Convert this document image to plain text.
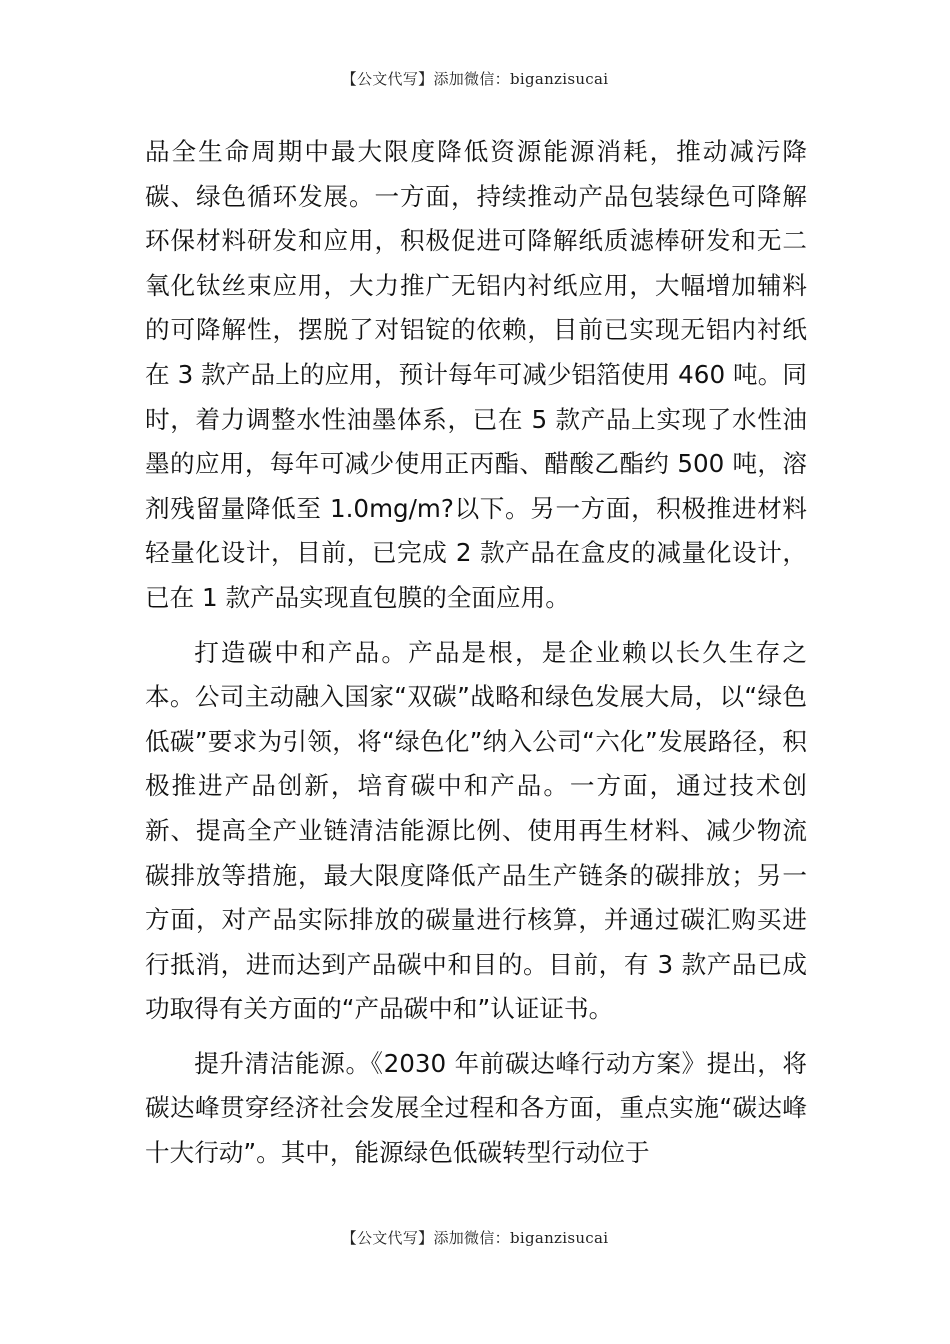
【公文代写】添加微信：biganzisucai

品全生命周期中最大限度降低资源能源消耗，推动减污降碳、绿色循环发展。一方面，持续推动产品包装绿色可降解环保材料研发和应用，积极促进可降解纸质滤棒研发和无二氧化钛丝束应用，大力推广无铝内衬纸应用，大幅增加辅料的可降解性，摆脱了对铝锭的依赖，目前已实现无铝内衬纸在 3 款产品上的应用，预计每年可减少铝箔使用 460 吨。同时，着力调整水性油墨体系，已在 5 款产品上实现了水性油墨的应用，每年可减少使用正丙酯、醋酸乙酯约 500 吨，溶剂残留量降低至 1.0mg/m?以下。另一方面，积极推进材料轻量化设计，目前，已完成 2 款产品在盒皮的减量化设计，已在 1 款产品实现直包膜的全面应用。

打造碳中和产品。产品是根，是企业赖以长久生存之本。公司主动融入国家“双碳”战略和绿色发展大局，以“绿色低碳”要求为引领，将“绿色化”纳入公司“六化”发展路径，积极推进产品创新，培育碳中和产品。一方面，通过技术创新、提高全产业链清洁能源比例、使用再生材料、减少物流碳排放等措施，最大限度降低产品生产链条的碳排放；另一方面，对产品实际排放的碳量进行核算，并通过碳汇购买进行抵消，进而达到产品碳中和目的。目前，有 3 款产品已成功取得有关方面的“产品碳中和”认证证书。

提升清洁能源。《2030 年前碳达峰行动方案》提出，将碳达峰贯穿经济社会发展全过程和各方面，重点实施“碳达峰十大行动”。其中，能源绿色低碳转型行动位于

【公文代写】添加微信：biganzisucai
